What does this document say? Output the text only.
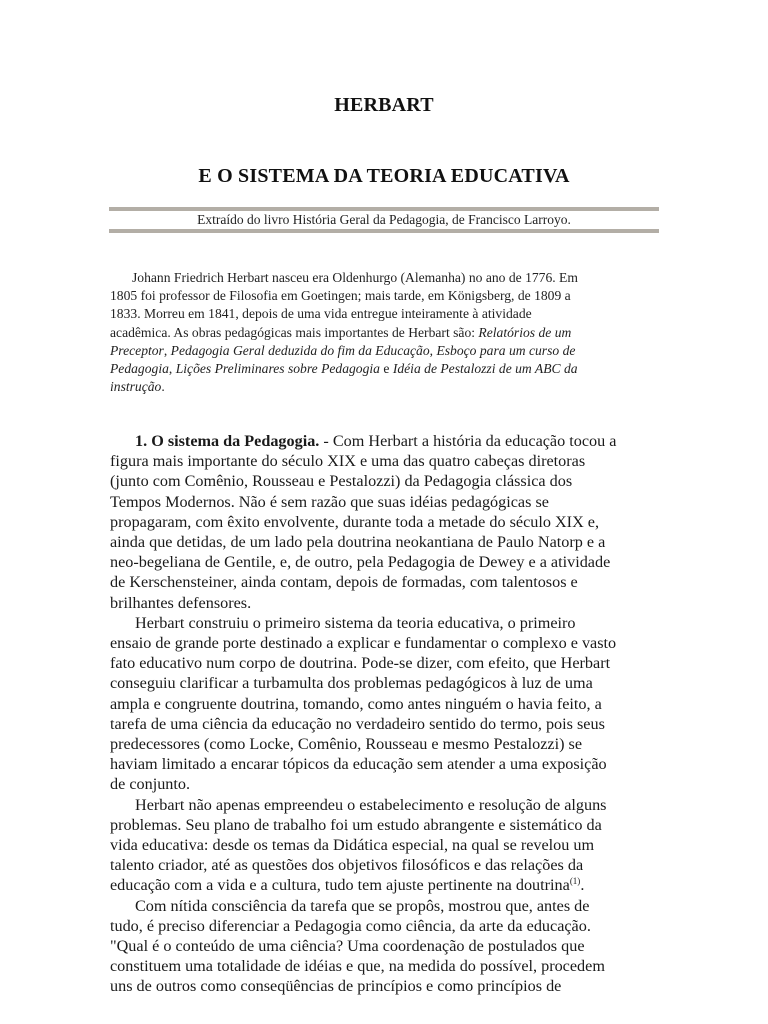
HERBART
E O SISTEMA DA TEORIA EDUCATIVA
Extraído do livro História Geral da Pedagogia, de Francisco Larroyo.
Johann Friedrich Herbart nasceu era Oldenhurgo (Alemanha) no ano de 1776. Em
1805 foi professor de Filosofia em Goetingen; mais tarde, em Königsberg, de 1809 a
1833. Morreu em 1841, depois de uma vida entregue inteiramente à atividade
acadêmica. As obras pedagógicas mais importantes de Herbart são: Relatórios de um
Preceptor, Pedagogia Geral deduzida do fim da Educação, Esboço para um curso de
Pedagogia, Lições Preliminares sobre Pedagogia e Idéia de Pestalozzi de um ABC da
instrução.
1. O sistema da Pedagogia. - Com Herbart a história da educação tocou a
figura mais importante do século XIX e uma das quatro cabeças diretoras
(junto com Comênio, Rousseau e Pestalozzi) da Pedagogia clássica dos
Tempos Modernos. Não é sem razão que suas idéias pedagógicas se
propagaram, com êxito envolvente, durante toda a metade do século XIX e,
ainda que detidas, de um lado pela doutrina neokantiana de Paulo Natorp e a
neo-begeliana de Gentile, e, de outro, pela Pedagogia de Dewey e a atividade
de Kerschensteiner, ainda contam, depois de formadas, com talentosos e
brilhantes defensores.
Herbart construiu o primeiro sistema da teoria educativa, o primeiro
ensaio de grande porte destinado a explicar e fundamentar o complexo e vasto
fato educativo num corpo de doutrina. Pode-se dizer, com efeito, que Herbart
conseguiu clarificar a turbamulta dos problemas pedagógicos à luz de uma
ampla e congruente doutrina, tomando, como antes ninguém o havia feito, a
tarefa de uma ciência da educação no verdadeiro sentido do termo, pois seus
predecessores (como Locke, Comênio, Rousseau e mesmo Pestalozzi) se
haviam limitado a encarar tópicos da educação sem atender a uma exposição
de conjunto.
Herbart não apenas empreendeu o estabelecimento e resolução de alguns
problemas. Seu plano de trabalho foi um estudo abrangente e sistemático da
vida educativa: desde os temas da Didática especial, na qual se revelou um
talento criador, até as questões dos objetivos filosóficos e das relações da
educação com a vida e a cultura, tudo tem ajuste pertinente na doutrina$^{(1)}$.
Com nítida consciência da tarefa que se propôs, mostrou que, antes de
tudo, é preciso diferenciar a Pedagogia como ciência, da arte da educação.
"Qual é o conteúdo de uma ciência? Uma coordenação de postulados que
constituem uma totalidade de idéias e que, na medida do possível, procedem
uns de outros como conseqüências de princípios e como princípios de
